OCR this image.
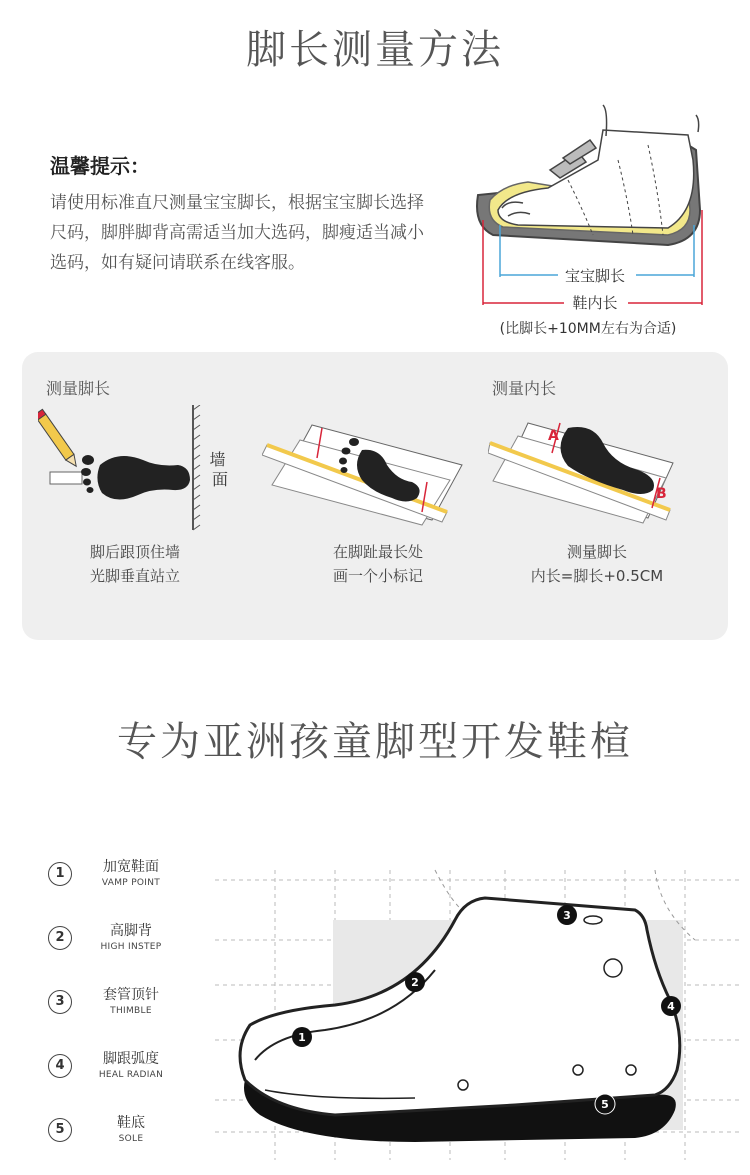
脚长测量方法
温馨提示：
请使用标准直尺测量宝宝脚长，根据宝宝脚长选择尺码，脚胖脚背高需适当加大选码，脚瘦适当减小选码，如有疑问请联系在线客服。
宝宝脚长
鞋内长
(比脚长+10MM左右为合适)
测量脚长	测量内长
墙 面
A
B
脚后跟顶住墙
光脚垂直站立
在脚趾最长处
画一个小标记
测量脚长
内长=脚长+0.5CM
专为亚洲孩童脚型开发鞋楦
1	加宽鞋面
VAMP POINT
2	高脚背
HIGH INSTEP
3	套管顶针
THIMBLE
4	脚跟弧度
HEAL RADIAN
5	鞋底
SOLE
1
2
3
4
5
